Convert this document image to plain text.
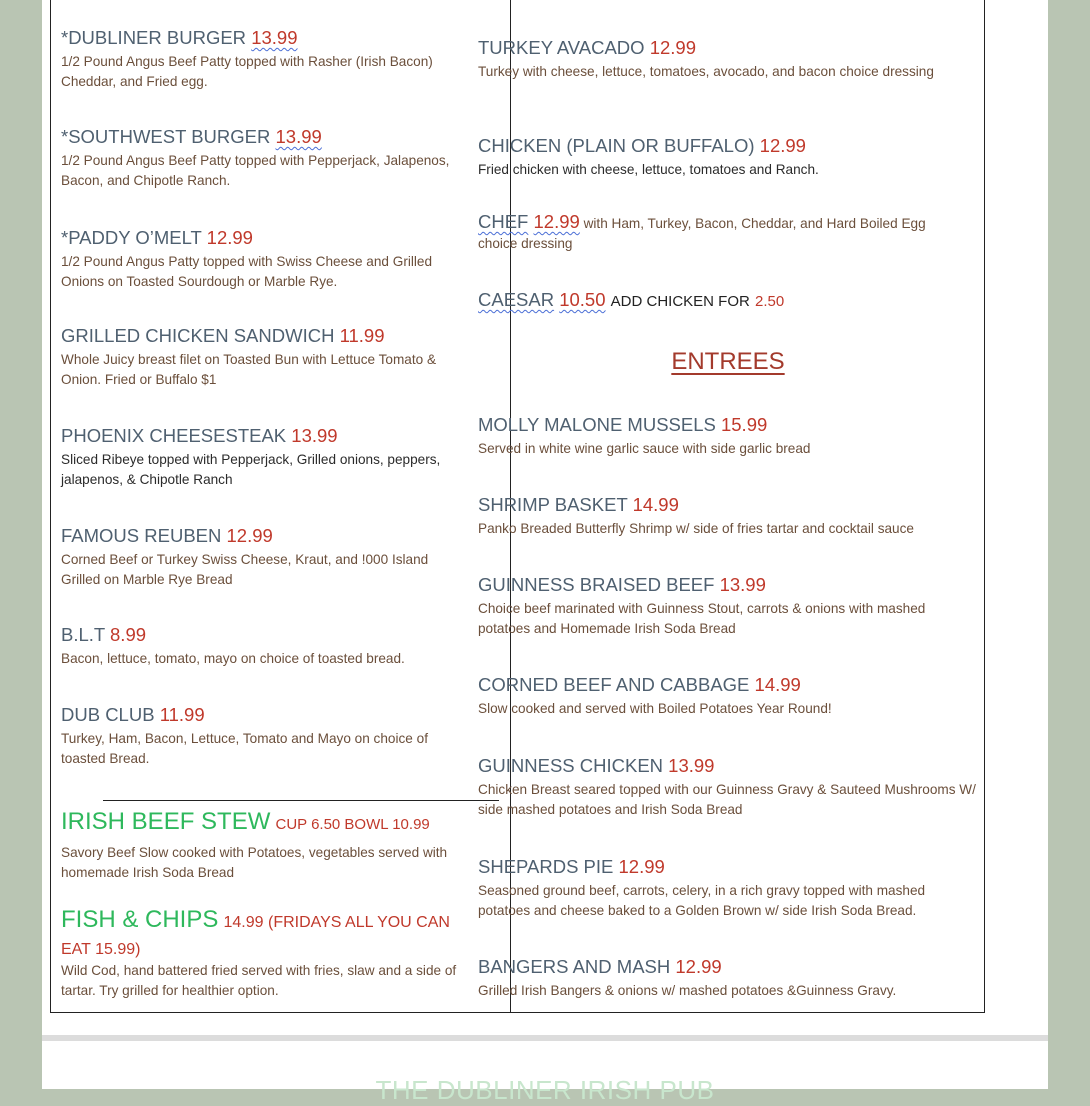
THE DUBLINER IRISH PUB
*DUBLINER BURGER 13.99
1/2 Pound Angus Beef Patty topped with Rasher (Irish Bacon) Cheddar, and Fried egg.
*SOUTHWEST BURGER 13.99
1/2 Pound Angus Beef Patty topped with Pepperjack, Jalapenos, Bacon, and Chipotle Ranch.
*PADDY O’MELT 12.99
1/2 Pound Angus Patty topped with Swiss Cheese and Grilled Onions on Toasted Sourdough or Marble Rye.
GRILLED CHICKEN SANDWICH 11.99
Whole Juicy breast filet on Toasted Bun with Lettuce Tomato & Onion. Fried or Buffalo $1
PHOENIX CHEESESTEAK 13.99
Sliced Ribeye topped with Pepperjack, Grilled onions, peppers, jalapenos, & Chipotle Ranch
FAMOUS REUBEN 12.99
Corned Beef or Turkey Swiss Cheese, Kraut, and !000 Island Grilled on Marble Rye Bread
B.L.T 8.99
Bacon, lettuce, tomato, mayo on choice of toasted bread.
DUB CLUB 11.99
Turkey, Ham, Bacon, Lettuce, Tomato and Mayo on choice of toasted Bread.
IRISH BEEF STEW CUP 6.50 BOWL 10.99
Savory Beef Slow cooked with Potatoes, vegetables served with homemade Irish Soda Bread
FISH & CHIPS 14.99 (FRIDAYS ALL YOU CAN
EAT 15.99)
Wild Cod, hand battered fried served with fries, slaw and a side of tartar. Try grilled for healthier option.
TURKEY AVACADO 12.99
Turkey with cheese, lettuce, tomatoes, avocado, and bacon choice dressing
CHICKEN (PLAIN OR BUFFALO) 12.99
Fried chicken with cheese, lettuce, tomatoes and Ranch.
CHEF 12.99 with Ham, Turkey, Bacon, Cheddar, and Hard Boiled Egg
choice dressing
CAESAR 10.50 ADD CHICKEN FOR 2.50
ENTREES
MOLLY MALONE MUSSELS 15.99
Served in white wine garlic sauce with side garlic bread
SHRIMP BASKET 14.99
Panko Breaded Butterfly Shrimp w/ side of fries tartar and cocktail sauce
GUINNESS BRAISED BEEF 13.99
Choice beef marinated with Guinness Stout, carrots & onions with mashed potatoes and Homemade Irish Soda Bread
CORNED BEEF AND CABBAGE 14.99
Slow cooked and served with Boiled Potatoes Year Round!
GUINNESS CHICKEN 13.99
Chicken Breast seared topped with our Guinness Gravy & Sauteed Mushrooms W/ side mashed potatoes and Irish Soda Bread
SHEPARDS PIE 12.99
Seasoned ground beef, carrots, celery, in a rich gravy topped with mashed potatoes and cheese baked to a Golden Brown w/ side Irish Soda Bread.
BANGERS AND MASH 12.99
Grilled Irish Bangers & onions w/ mashed potatoes &Guinness Gravy.
